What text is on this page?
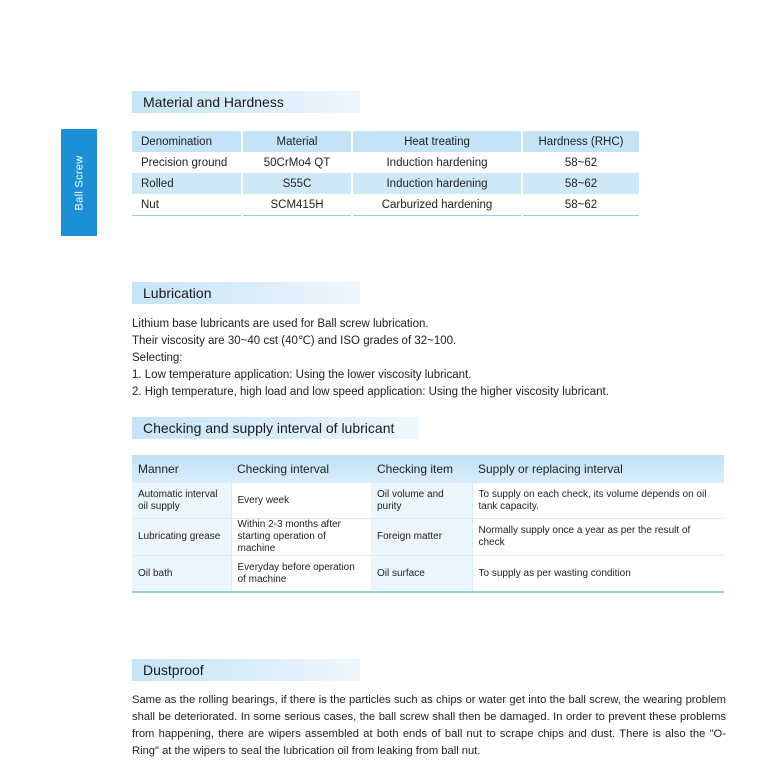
Ball Screw
Material and Hardness
Denomination	Material	Heat treating	Hardness (RHC)
Precision ground	50CrMo4 QT	Induction hardening	58~62
Rolled	S55C	Induction hardening	58~62
Nut	SCM415H	Carburized hardening	58~62
Lubrication
Lithium base lubricants are used for Ball screw lubrication.
Their viscosity are 30~40 cst (40℃) and ISO grades of 32~100.
Selecting:
1. Low temperature application: Using the lower viscosity lubricant.
2. High temperature, high load and low speed application: Using the higher viscosity lubricant.
Checking and supply interval of lubricant
Manner	Checking interval	Checking item	Supply or replacing interval
Automatic interval oil supply	Every week	Oil volume and purity	To supply on each check, its volume depends on oil tank capacity.
Lubricating grease	Within 2-3 months after starting operation of machine	Foreign matter	Normally supply once a year as per the result of check
Oil bath	Everyday before operation of machine	Oil surface	To supply as per wasting condition
Dustproof
Same as the rolling bearings, if there is the particles such as chips or water get into the ball screw, the wearing problem shall be deteriorated. In some serious cases, the ball screw shall then be damaged. In order to prevent these problems from happening, there are wipers assembled at both ends of ball nut to scrape chips and dust. There is also the "O-Ring" at the wipers to seal the lubrication oil from leaking from ball nut.
